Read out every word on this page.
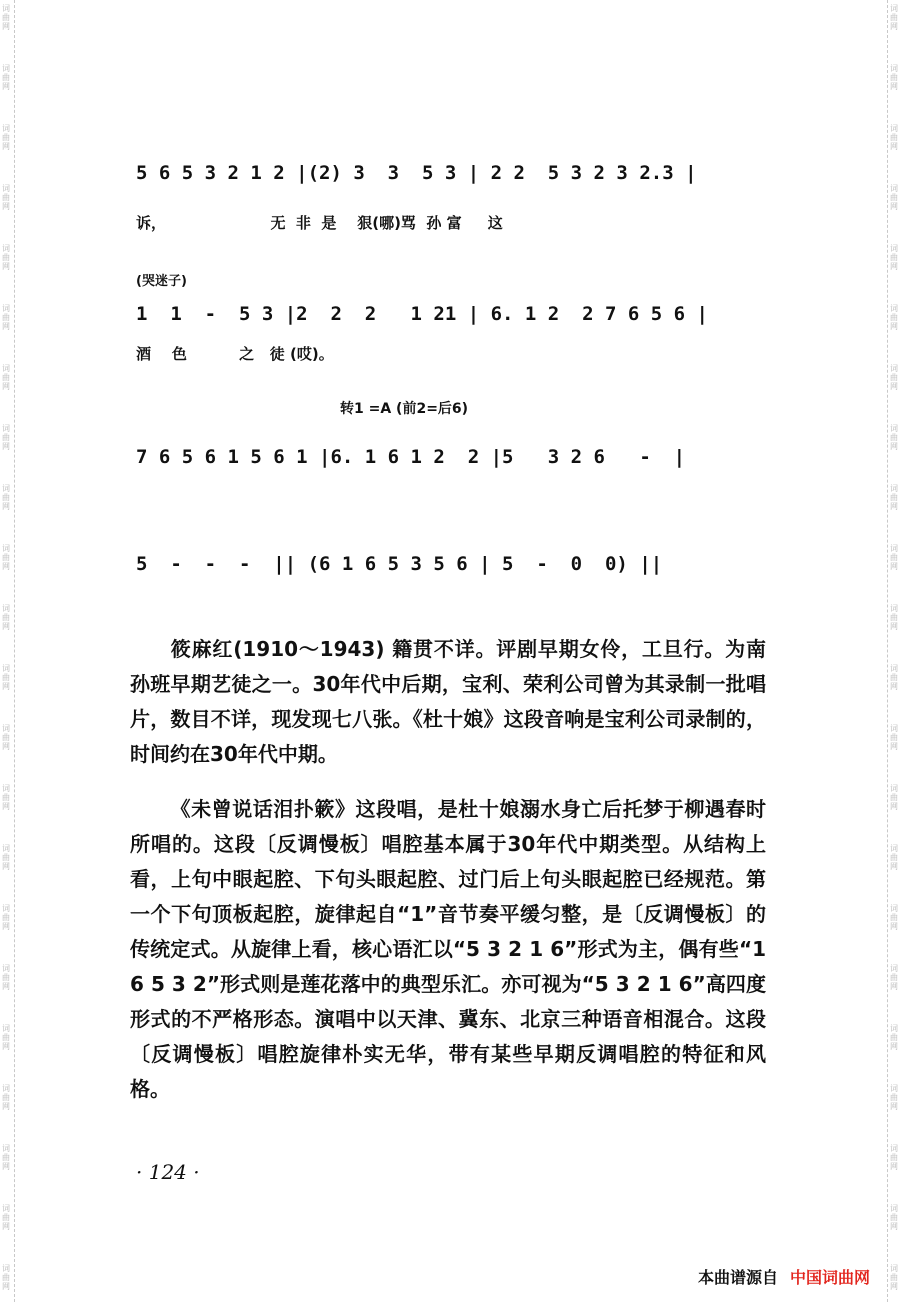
词
曲
网
词
曲
网
词
曲
网
词
曲
网
词
曲
网
词
曲
网
词
曲
网
词
曲
网
词
曲
网
词
曲
网
词
曲
网
词
曲
网
词
曲
网
词
曲
网
词
曲
网
词
曲
网
词
曲
网
词
曲
网
词
曲
网
词
曲
网
词
曲
网
词
曲
网
词
曲
网
词
曲
网
词
曲
网
词
曲
网
词
曲
网
词
曲
网
词
曲
网
词
曲
网
词
曲
网
词
曲
网
词
曲
网
词
曲
网
词
曲
网
词
曲
网
词
曲
网
词
曲
网
词
曲
网
词
曲
网
词
曲
网
词
曲
网
词
曲
网
词
曲
网
5 6 5 3 2 1 2 |(2) 3  3  5 3 | 2 2  5 3 2 3 2.3 |
诉，                    无  非  是    狠(哪)骂  孙 富     这
(哭迷子)
1  1  -  5 3 |2  2  2   1 21 | 6. 1 2  2 7 6 5 6 |
酒    色          之   徒 (哎)。
转1 =A (前2=后6)
7 6 5 6 1 5 6 1 |6. 1 6 1 2  2 |5   3 2 6   -  |
5  -  -  -  || (6 1 6 5 3 5 6 | 5  -  0  0) ||
筱麻红(1910～1943) 籍贯不详。评剧早期女伶，工旦行。为南孙班早期艺徒之一。30年代中后期，宝利、荣利公司曾为其录制一批唱片，数目不详，现发现七八张。《杜十娘》这段音响是宝利公司录制的，时间约在30年代中期。
《未曾说话泪扑簌》这段唱，是杜十娘溺水身亡后托梦于柳遇春时所唱的。这段〔反调慢板〕唱腔基本属于30年代中期类型。从结构上看，上句中眼起腔、下句头眼起腔、过门后上句头眼起腔已经规范。第一个下句顶板起腔，旋律起自“1”音节奏平缓匀整，是〔反调慢板〕的传统定式。从旋律上看，核心语汇以“5 3 2 1 6”形式为主，偶有些“1 6 5 3 2”形式则是莲花落中的典型乐汇。亦可视为“5 3 2 1 6”高四度形式的不严格形态。演唱中以天津、冀东、北京三种语音相混合。这段〔反调慢板〕唱腔旋律朴实无华，带有某些早期反调唱腔的特征和风格。
· 124 ·
本曲谱源自 中国词曲网
